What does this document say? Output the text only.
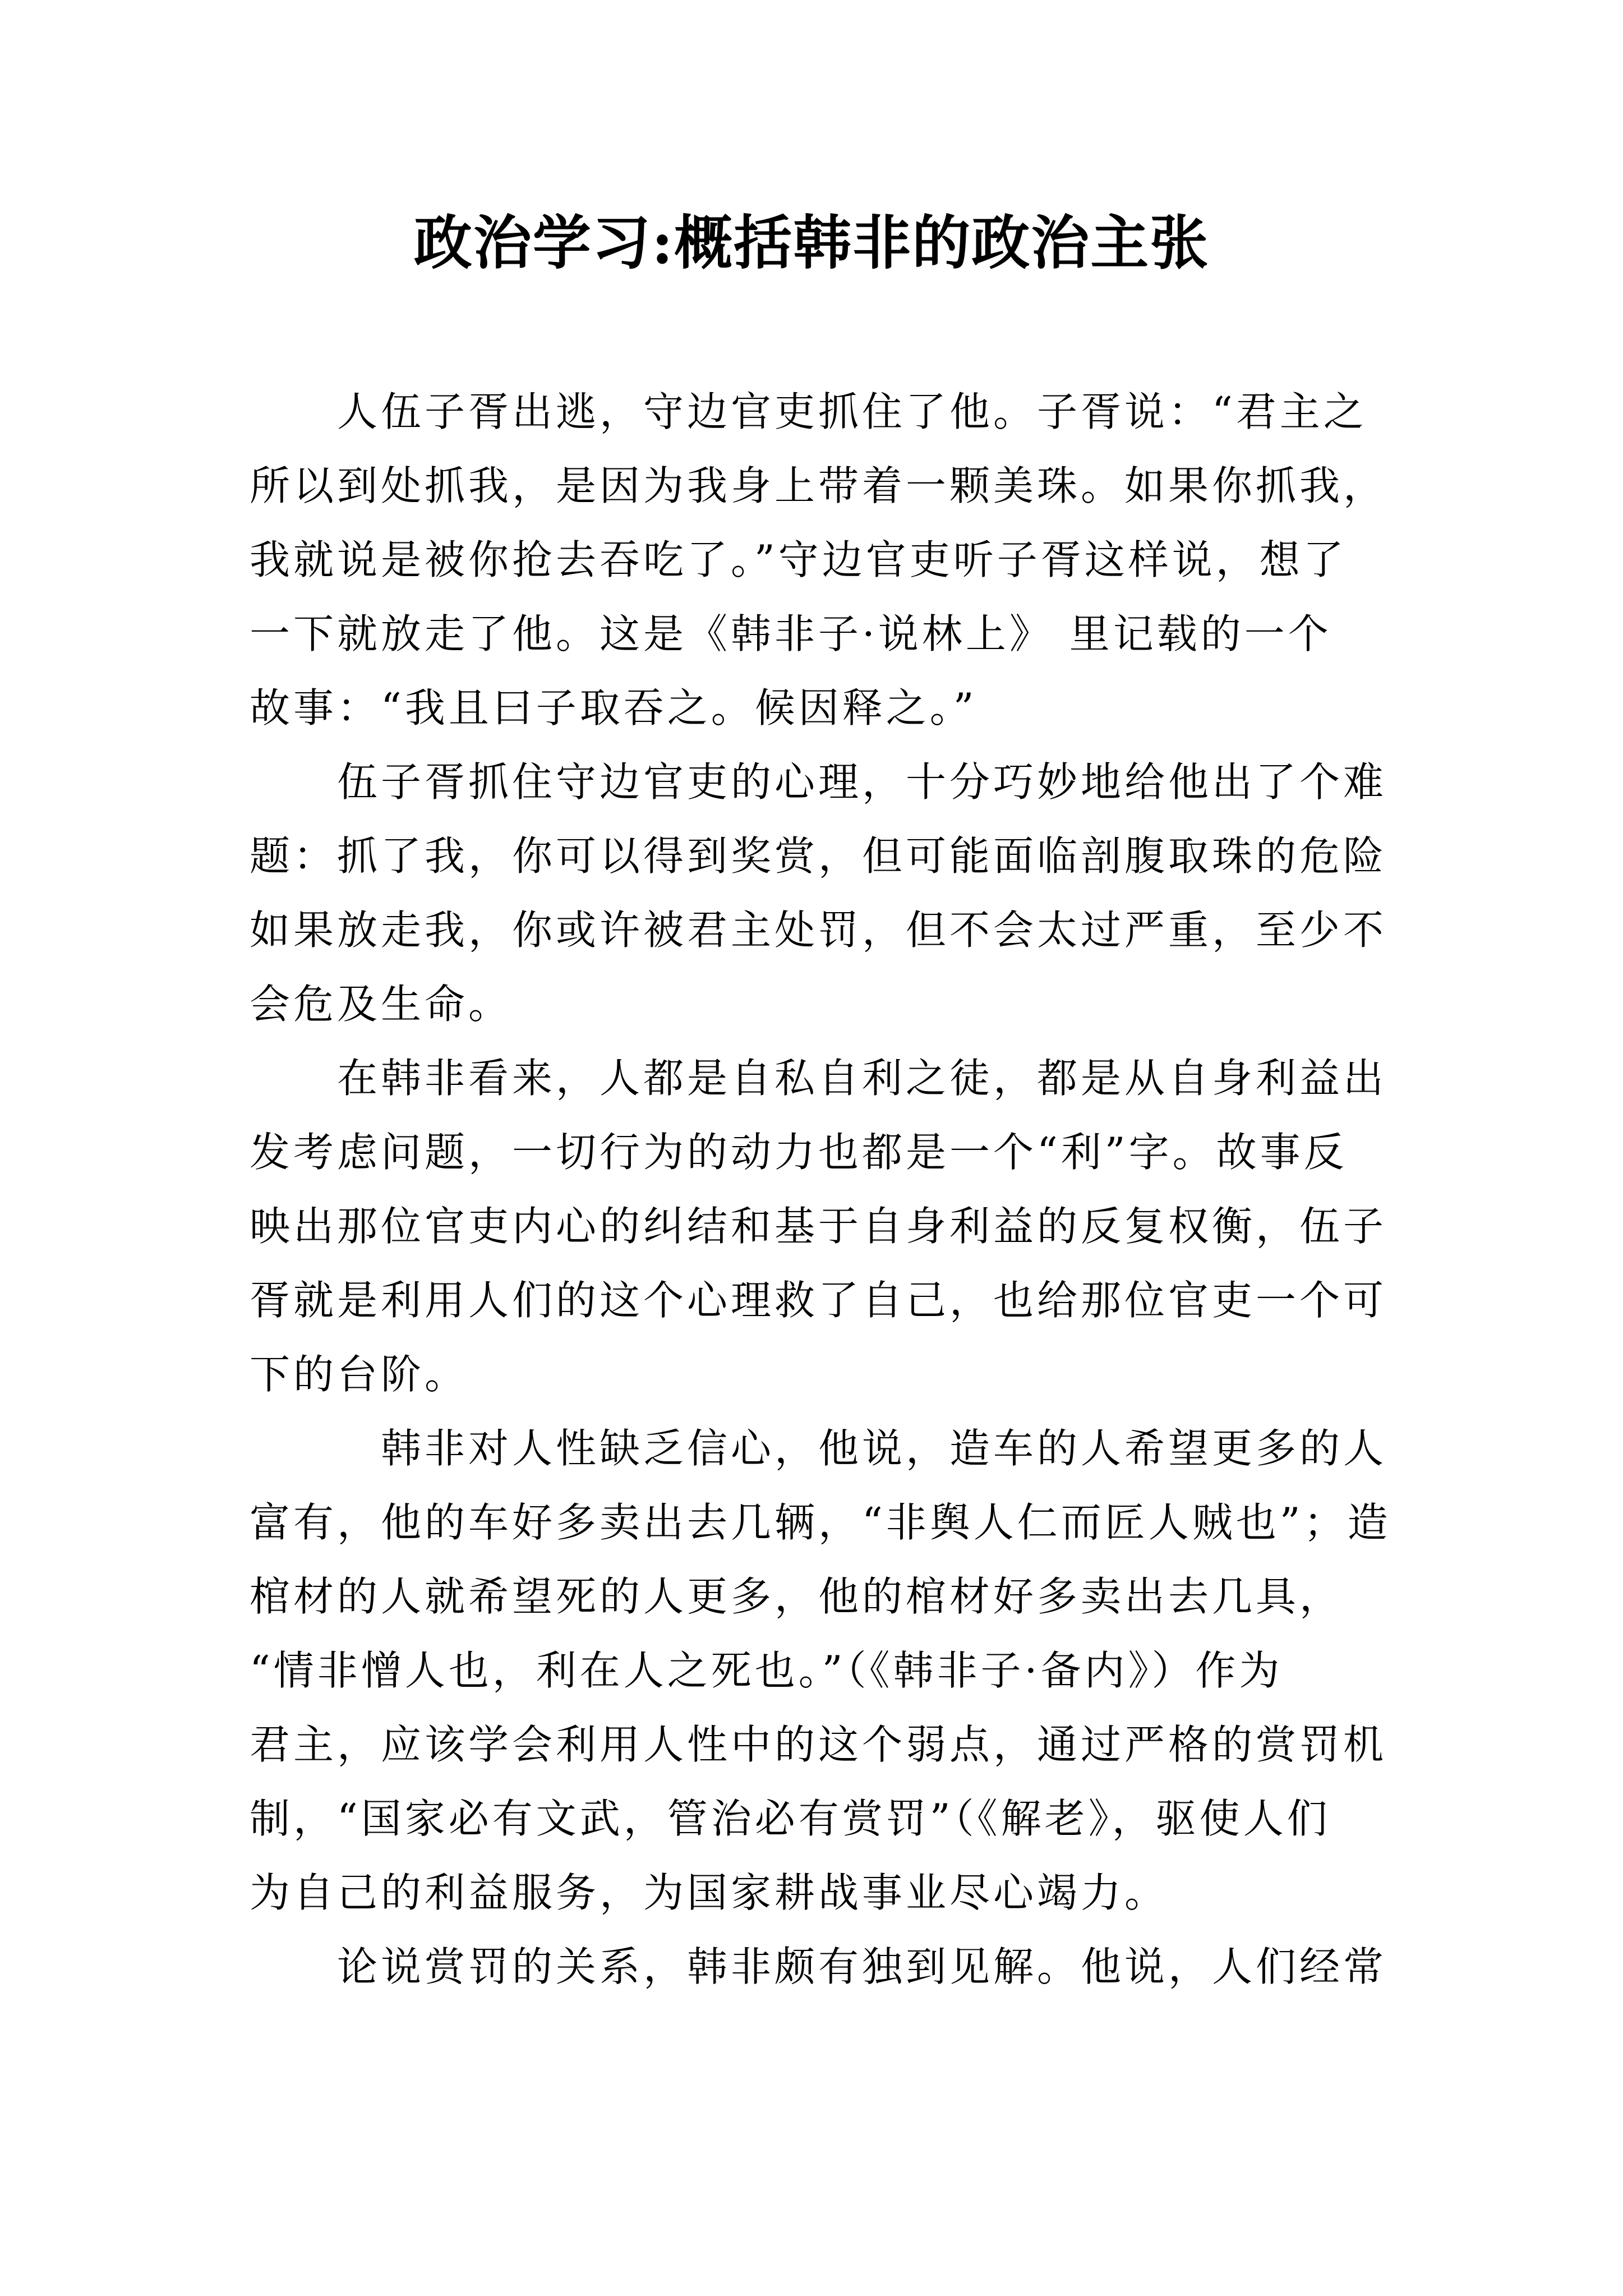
政治学习:概括韩非的政治主张
　　人伍子胥出逃，守边官吏抓住了他。子胥说：“君主之
所以到处抓我，是因为我身上带着一颗美珠。如果你抓我，
我就说是被你抢去吞吃了。”守边官吏听子胥这样说，想了
一下就放走了他。这是《韩非子·说林上》 里记载的一个
故事：“我且曰子取吞之。候因释之。”
　　伍子胥抓住守边官吏的心理，十分巧妙地给他出了个难
题：抓了我，你可以得到奖赏，但可能面临剖腹取珠的危险
如果放走我，你或许被君主处罚，但不会太过严重，至少不
会危及生命。
　　在韩非看来，人都是自私自利之徒，都是从自身利益出
发考虑问题，一切行为的动力也都是一个“利”字。故事反
映出那位官吏内心的纠结和基于自身利益的反复权衡，伍子
胥就是利用人们的这个心理救了自己，也给那位官吏一个可
下的台阶。
　　　韩非对人性缺乏信心，他说，造车的人希望更多的人
富有，他的车好多卖出去几辆，“非舆人仁而匠人贼也”；造
棺材的人就希望死的人更多，他的棺材好多卖出去几具，
“情非憎人也，利在人之死也。”（《韩非子·备内》）作为
君主，应该学会利用人性中的这个弱点，通过严格的赏罚机
制，“国家必有文武，管治必有赏罚”（《解老》，驱使人们
为自己的利益服务，为国家耕战事业尽心竭力。
　　论说赏罚的关系，韩非颇有独到见解。他说，人们经常
